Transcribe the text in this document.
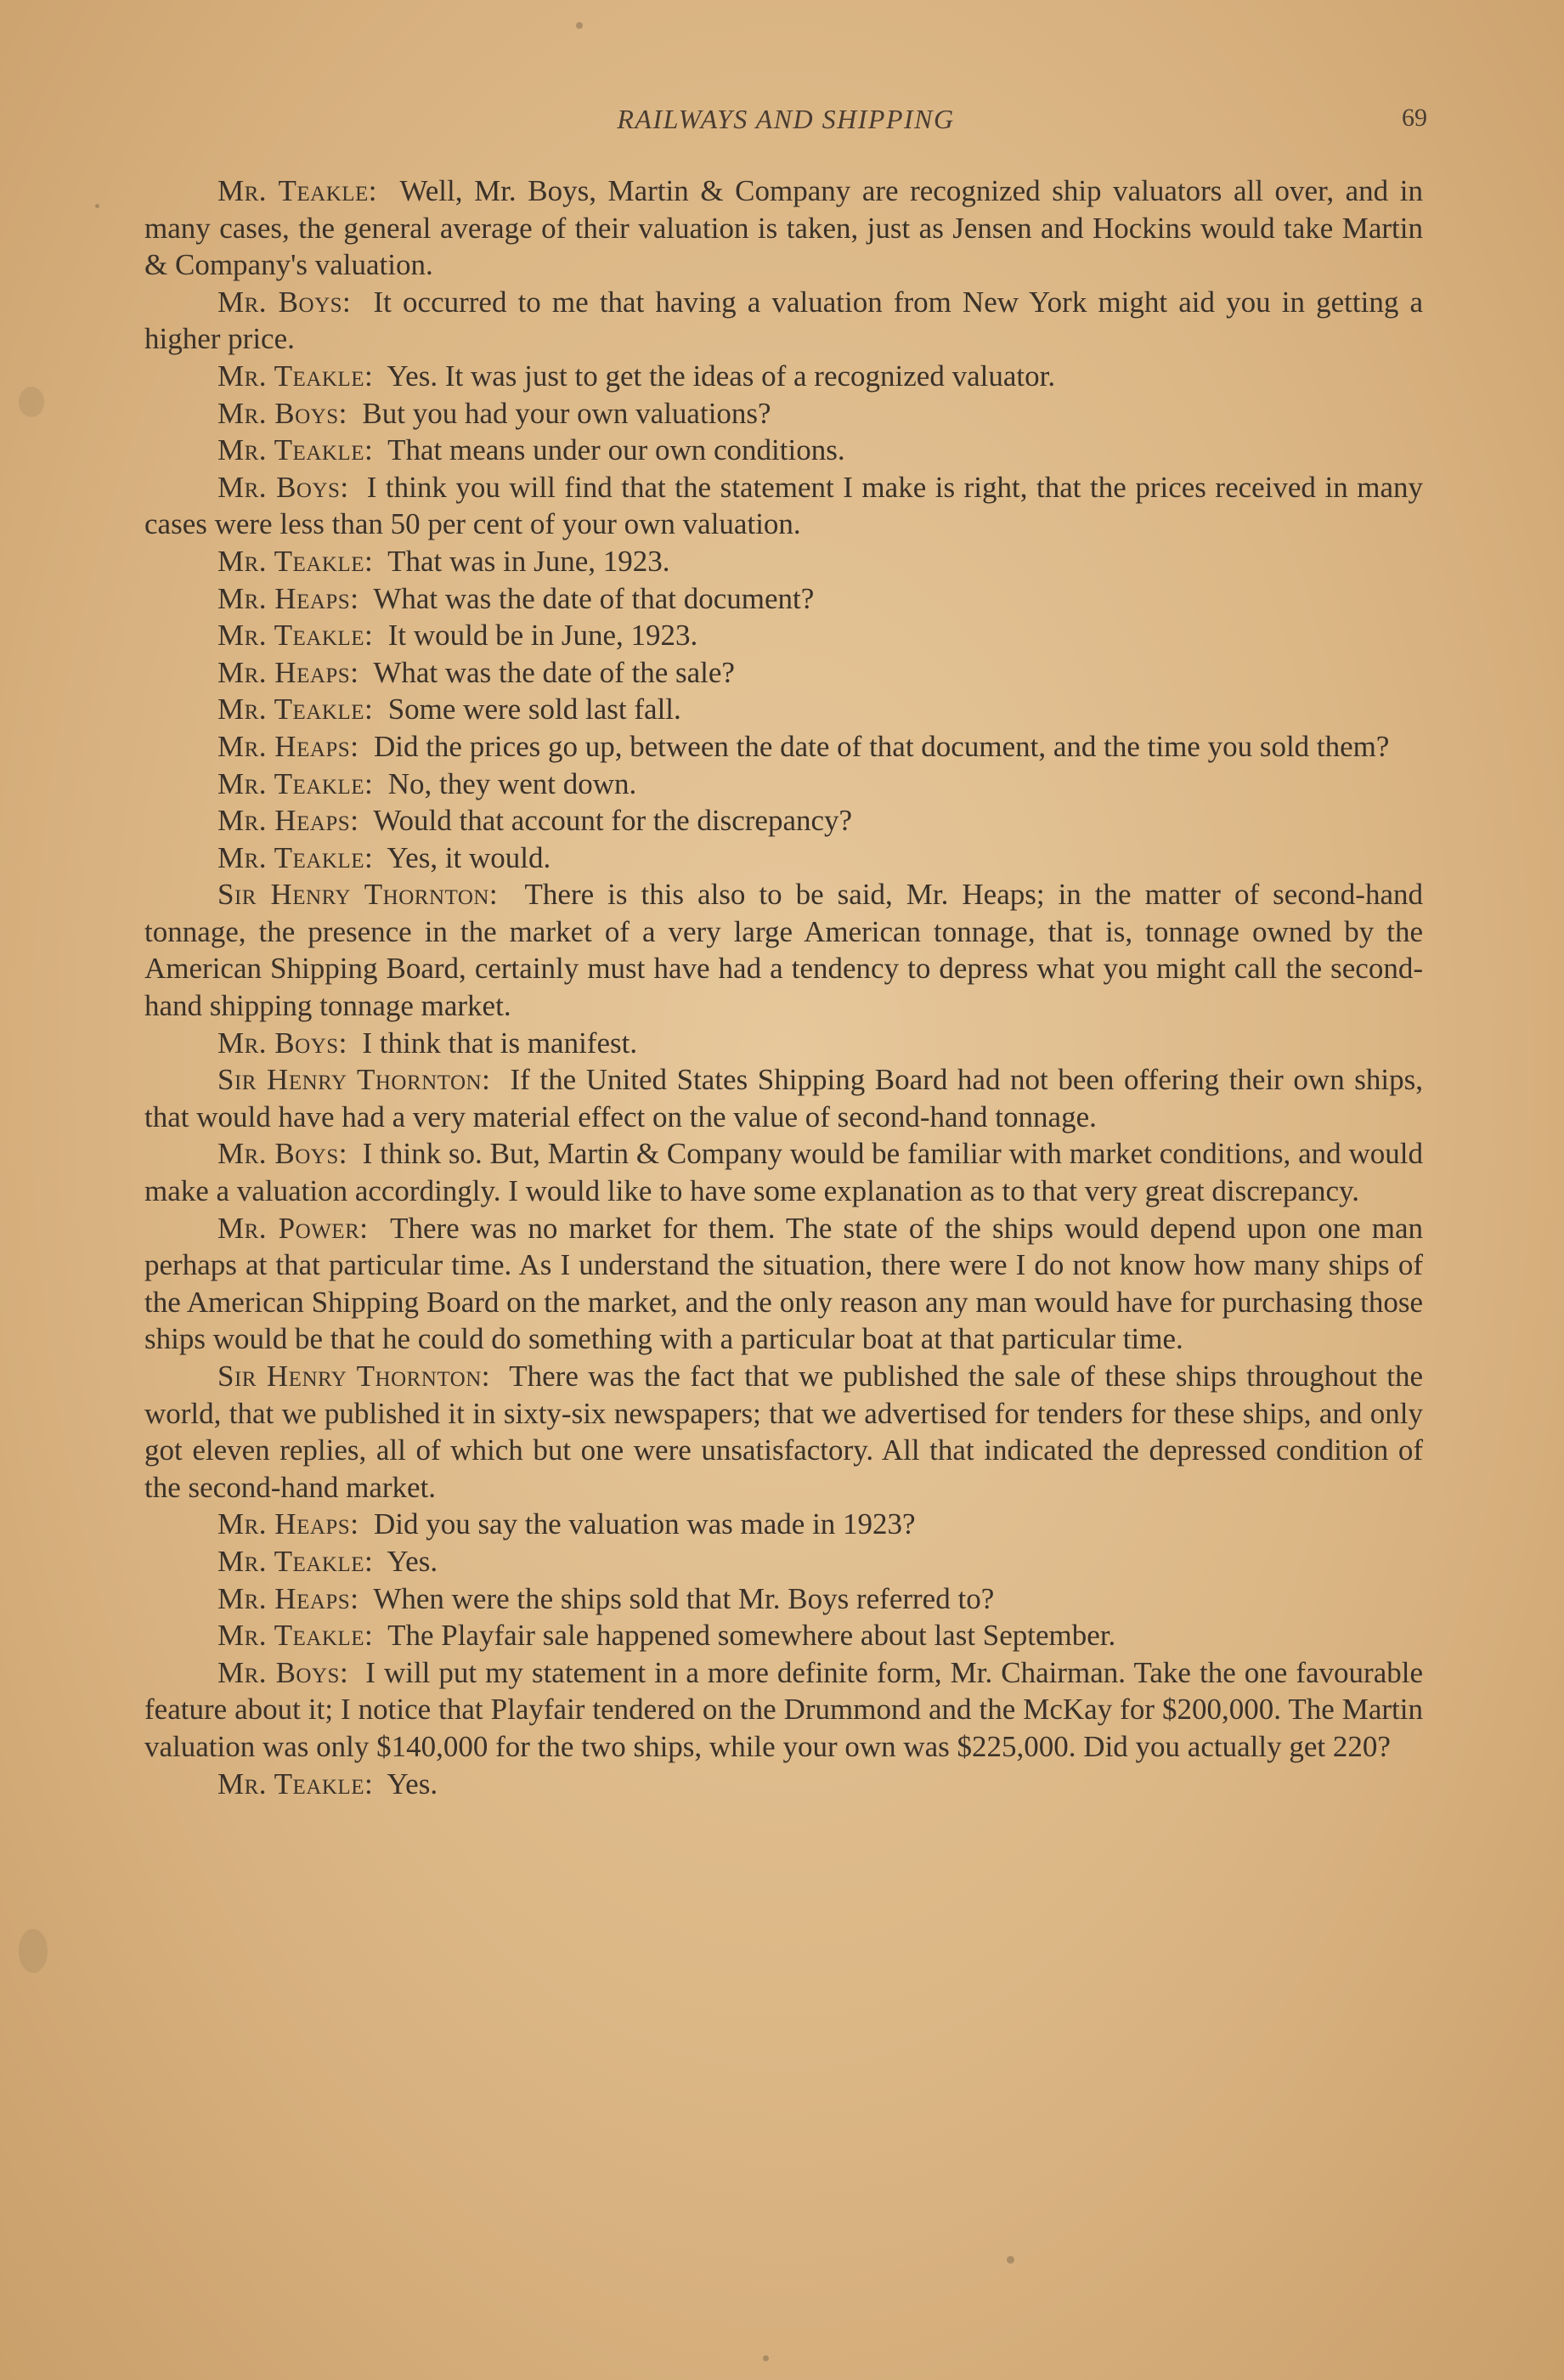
RAILWAYS AND SHIPPING	69

Mr. Teakle: Well, Mr. Boys, Martin & Company are recognized ship valuators all over, and in many cases, the general average of their valuation is taken, just as Jensen and Hockins would take Martin & Company's valuation.

Mr. Boys: It occurred to me that having a valuation from New York might aid you in getting a higher price.

Mr. Teakle: Yes. It was just to get the ideas of a recognized valuator.

Mr. Boys: But you had your own valuations?

Mr. Teakle: That means under our own conditions.

Mr. Boys: I think you will find that the statement I make is right, that the prices received in many cases were less than 50 per cent of your own valuation.

Mr. Teakle: That was in June, 1923.

Mr. Heaps: What was the date of that document?

Mr. Teakle: It would be in June, 1923.

Mr. Heaps: What was the date of the sale?

Mr. Teakle: Some were sold last fall.

Mr. Heaps: Did the prices go up, between the date of that document, and the time you sold them?

Mr. Teakle: No, they went down.

Mr. Heaps: Would that account for the discrepancy?

Mr. Teakle: Yes, it would.

Sir Henry Thornton: There is this also to be said, Mr. Heaps; in the matter of second-hand tonnage, the presence in the market of a very large American tonnage, that is, tonnage owned by the American Shipping Board, certainly must have had a tendency to depress what you might call the second-hand shipping tonnage market.

Mr. Boys: I think that is manifest.

Sir Henry Thornton: If the United States Shipping Board had not been offering their own ships, that would have had a very material effect on the value of second-hand tonnage.

Mr. Boys: I think so. But, Martin & Company would be familiar with market conditions, and would make a valuation accordingly. I would like to have some explanation as to that very great discrepancy.

Mr. Power: There was no market for them. The state of the ships would depend upon one man perhaps at that particular time. As I understand the situation, there were I do not know how many ships of the American Shipping Board on the market, and the only reason any man would have for purchasing those ships would be that he could do something with a particular boat at that particular time.

Sir Henry Thornton: There was the fact that we published the sale of these ships throughout the world, that we published it in sixty-six newspapers; that we advertised for tenders for these ships, and only got eleven replies, all of which but one were unsatisfactory. All that indicated the depressed condition of the second-hand market.

Mr. Heaps: Did you say the valuation was made in 1923?

Mr. Teakle: Yes.

Mr. Heaps: When were the ships sold that Mr. Boys referred to?

Mr. Teakle: The Playfair sale happened somewhere about last September.

Mr. Boys: I will put my statement in a more definite form, Mr. Chairman. Take the one favourable feature about it; I notice that Playfair tendered on the Drummond and the McKay for $200,000. The Martin valuation was only $140,000 for the two ships, while your own was $225,000. Did you actually get 220?

Mr. Teakle: Yes.
